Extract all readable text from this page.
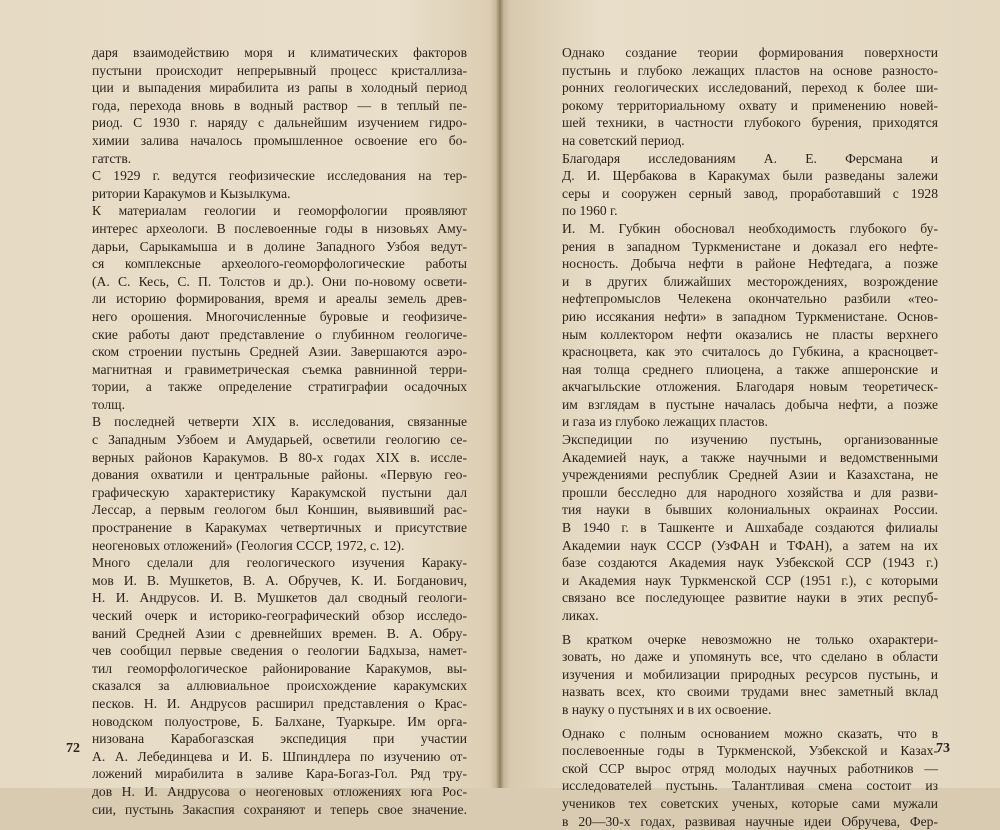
даря взаимодействию моря и климатических факторов
пустыни происходит непрерывный процесс кристаллиза-
ции и выпадения мирабилита из рапы в холодный период
года, перехода вновь в водный раствор — в теплый пе-
риод. С 1930 г. наряду с дальнейшим изучением гидро-
химии залива началось промышленное освоение его бо-
гатств.

С 1929 г. ведутся геофизические исследования на тер-
ритории Каракумов и Кызылкума.

К материалам геологии и геоморфологии проявляют
интерес археологи. В послевоенные годы в низовьях Аму-
дарьи, Сарыкамыша и в долине Западного Узбоя ведут-
ся комплексные археолого-геоморфологические работы
(А. С. Кесь, С. П. Толстов и др.). Они по-новому освети-
ли историю формирования, время и ареалы земель древ-
него орошения. Многочисленные буровые и геофизиче-
ские работы дают представление о глубинном геологиче-
ском строении пустынь Средней Азии. Завершаются аэро-
магнитная и гравиметрическая съемка равнинной терри-
тории, а также определение стратиграфии осадочных
толщ.

В последней четверти XIX в. исследования, связанные
с Западным Узбоем и Амударьей, осветили геологию се-
верных районов Каракумов. В 80-х годах XIX в. иссле-
дования охватили и центральные районы. «Первую гео-
графическую характеристику Каракумской пустыни дал
Лессар, а первым геологом был Коншин, выявивший рас-
пространение в Каракумах четвертичных и присутствие
неогеновых отложений» (Геология СССР, 1972, с. 12).

Много сделали для геологического изучения Караку-
мов И. В. Мушкетов, В. А. Обручев, К. И. Богданович,
Н. И. Андрусов. И. В. Мушкетов дал сводный геологи-
ческий очерк и историко-географический обзор исследо-
ваний Средней Азии с древнейших времен. В. А. Обру-
чев сообщил первые сведения о геологии Бадхыза, намет-
тил геоморфологическое районирование Каракумов, вы-
сказался за аллювиальное происхождение каракумских
песков. Н. И. Андрусов расширил представления о Крас-
новодском полуострове, Б. Балхане, Туаркыре. Им орга-
низована Карабогазская экспедиция при участии
А. А. Лебединцева и И. Б. Шпиндлера по изучению от-
ложений мирабилита в заливе Кара-Богаз-Гол. Ряд тру-
дов Н. И. Андрусова о неогеновых отложениях юга Рос-
сии, пустынь Закаспия сохраняют и теперь свое значение.

72

Однако создание теории формирования поверхности
пустынь и глубоко лежащих пластов на основе разносто-
ронних геологических исследований, переход к более ши-
рокому территориальному охвату и применению новей-
шей техники, в частности глубокого бурения, приходятся
на советский период.

Благодаря исследованиям А. Е. Ферсмана и
Д. И. Щербакова в Каракумах были разведаны залежи
серы и сооружен серный завод, проработавший с 1928
по 1960 г.

И. М. Губкин обосновал необходимость глубокого бу-
рения в западном Туркменистане и доказал его нефте-
носность. Добыча нефти в районе Нефтедага, а позже
и в других ближайших месторождениях, возрождение
нефтепромыслов Челекена окончательно разбили «тео-
рию иссякания нефти» в западном Туркменистане. Основ-
ным коллектором нефти оказались не пласты верхнего
красноцвета, как это считалось до Губкина, а красноцвет-
ная толща среднего плиоцена, а также апшеронские и
акчагыльские отложения. Благодаря новым теоретическ-
им взглядам в пустыне началась добыча нефти, а позже
и газа из глубоко лежащих пластов.

Экспедиции по изучению пустынь, организованные
Академией наук, а также научными и ведомственными
учреждениями республик Средней Азии и Казахстана, не
прошли бесследно для народного хозяйства и для разви-
тия науки в бывших колониальных окраинах России.
В 1940 г. в Ташкенте и Ашхабаде создаются филиалы
Академии наук СССР (УзФАН и ТФАН), а затем на их
базе создаются Академия наук Узбекской ССР (1943 г.)
и Академия наук Туркменской ССР (1951 г.), с которыми
связано все последующее развитие науки в этих респуб-
ликах.

В кратком очерке невозможно не только охарактери-
зовать, но даже и упомянуть все, что сделано в области
изучения и мобилизации природных ресурсов пустынь, и
назвать всех, кто своими трудами внес заметный вклад
в науку о пустынях и в их освоение.

Однако с полным основанием можно сказать, что в
послевоенные годы в Туркменской, Узбекской и Казах-
ской ССР вырос отряд молодых научных работников —
исследователей пустынь. Талантливая смена состоит из
учеников тех советских ученых, которые сами мужали
в 20—30-х годах, развивая научные идеи Обручева, Фер-

73
